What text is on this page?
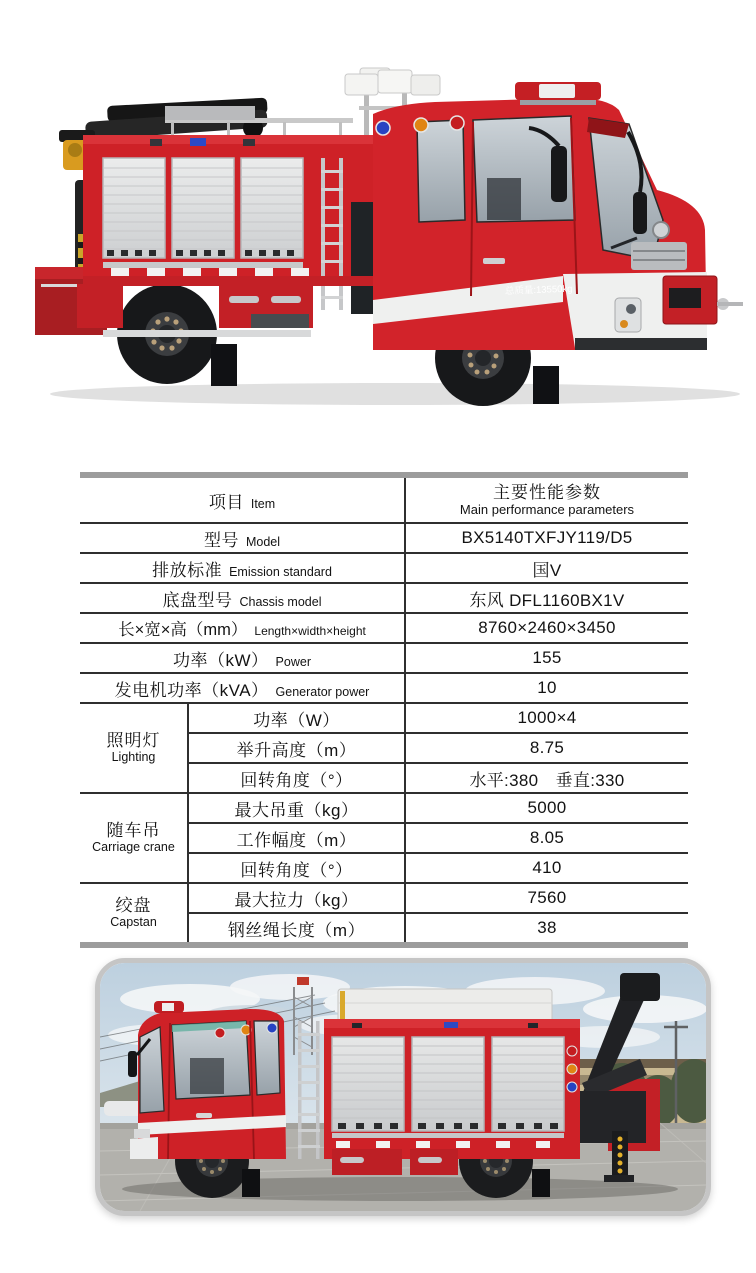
总质量:13550kg
项目 Item		主要性能参数
Main performance parameters

型号 Model		BX5140TXFJY119/D5
排放标准 Emission standard		国V
底盘型号 Chassis model		东风 DFL1160BX1V
长×宽×高（mm） Length×width×height		8760×2460×3450
功率（kW） Power		155
发电机功率（kVA） Generator power		10

照明灯
Lighting	功率（W）	1000×4
	举升高度（m）	8.75
	回转角度（°）	水平:380　垂直:330

随车吊
Carriage crane	最大吊重（kg）	5000
	工作幅度（m）	8.05
	回转角度（°）	410

绞盘
Capstan	最大拉力（kg）	7560
	钢丝绳长度（m）	38
